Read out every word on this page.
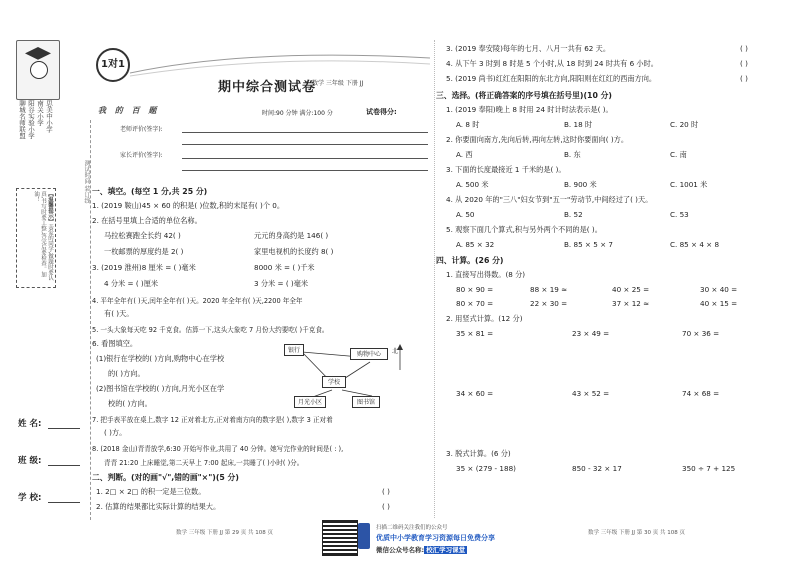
聊城名师联盟 阳谷实验小学 南关小学 思美中小学
【温馨提示】亲爱的同学,做题时要认真,书写时要工整,答完后要检查。加油！	测试时间 装订线
姓 名:
班 级:
学 校:
1对1
期中综合测试卷
数学 三年级 下册 JJ
我 的 百 题	时间:90 分钟 满分:100 分	试卷得分:
老师评价(签字):
家长评价(签字):
一、填空。(每空 1 分,共 25 分)
1. (2019 鞍山)45 × 60 的积是( )位数,积的末尾有( )个 0。
2. 在括号里填上合适的单位名称。
马拉松赛跑全长约 42( )	元元的身高约是 146( )
一枚邮票的厚度约是 2( )	家里电视机的长度约 8( )
3. (2019 淮州)8 厘米 = ( )毫米	8000 米 = ( )千米
4 分米 = ( )厘米	3 分米 = ( )毫米
4. 平年全年有( )天,闰年全年有( )天。2020 年全年有( )天,2200 年全年
有( )天。
5. 一头大象每天吃 92 千克食。估算一下,这头大象吃 7 月份大约要吃( )千克食。
6. 看图填空。
(1)银行在学校的( )方向,购物中心在学校
的( )方向。
(2)图书馆在学校的( )方向,月光小区在学
校的( )方向。
银行
购物中心
学校
月光小区	图书馆
北
7. 把手表平放在桌上,数字 12 正对着北方,正对着南方向的数字是( ),数字 3 正对着
( )方。
8. (2018 金山)青青放学,6:30 开始写作业,共用了 40 分钟。她写完作业的时间是( : ),
青青 21:20 上床睡觉,第二天早上 7:00 起床,一共睡了( )小时( )分。
二、判断。(对的画"√",错的画"×")(5 分)
1. 2□ × 2□ 的积一定是三位数。	( )
2. 估算的结果都比实际计算的结果大。	( )
3. (2019 奉安陵)每年的七月、八月一共有 62 天。	( )
4. 从下午 3 时到 8 时是 5 个小时,从 18 时到 24 时共有 6 小时。	( )
5. (2019 尚书)红红在阳阳的东北方向,阳阳则在红红的西南方向。	( )
三、选择。(将正确答案的序号填在括号里)(10 分)
1. (2019 奉阳)晚上 8 时用 24 时计时法表示是( )。
A. 8 时	B. 18 时	C. 20 时
2. 你要面向南方,先向后转,再向左转,这时你要面向( )方。
A. 西	B. 东	C. 南
3. 下面的长度最接近 1 千米的是( )。
A. 500 米	B. 900 米	C. 1001 米
4. 从 2020 年的"三八"妇女节到"五一"劳动节,中间经过了( )天。
A. 50	B. 52	C. 53
5. 观察下面几个算式,积与另外两个不同的是( )。
A. 85 × 32	B. 85 × 5 × 7	C. 85 × 4 × 8
四、计算。(26 分)
1. 直接写出得数。(8 分)
80 × 90 =	88 × 19 ≈	40 × 25 =	30 × 40 =
80 × 70 =	22 × 30 =	37 × 12 ≈	40 × 15 =
2. 用竖式计算。(12 分)
35 × 81 =	23 × 49 =	70 × 36 =
34 × 60 =	43 × 52 =	74 × 68 =
3. 脱式计算。(6 分)
35 × (279 - 188)	850 - 32 × 17	350 ÷ 7 + 125
数学 三年级 下册 JJ 第 29 页 共 108 页	数学 三年级 下册 JJ 第 30 页 共 108 页
扫描二维码关注我们的公众号
优质中小学教育学习资源每日免费分享
微信公众号名称: 校汇学习课堂
